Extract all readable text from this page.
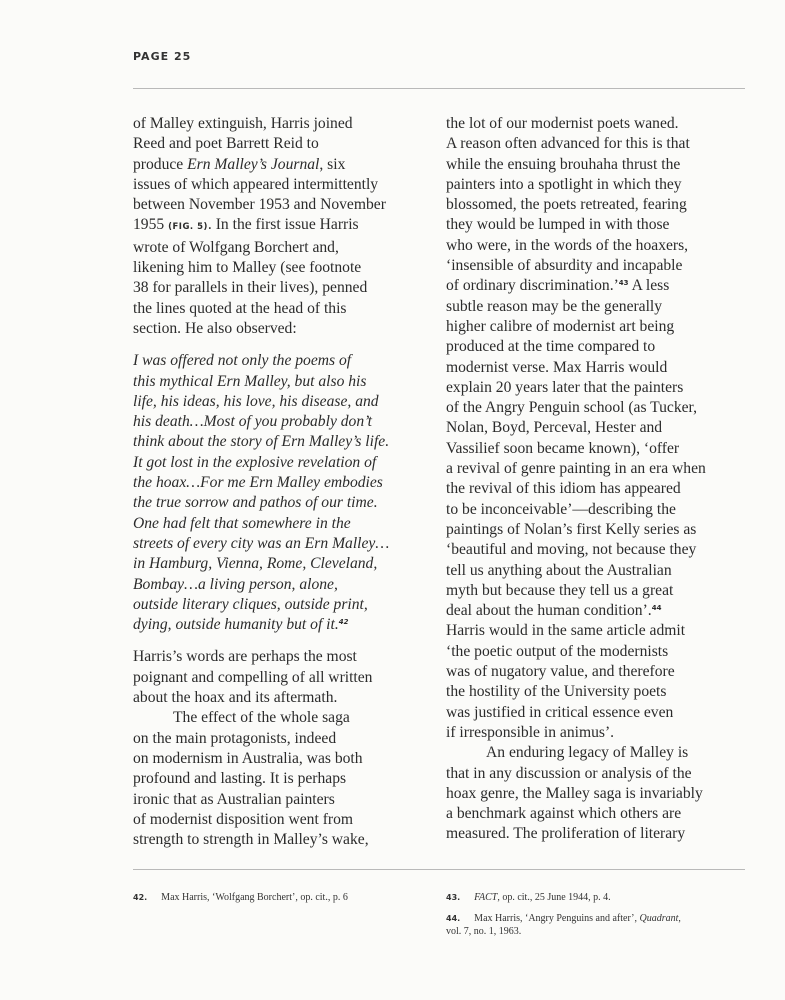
PAGE 25

of Malley extinguish, Harris joined

Reed and poet Barrett Reid to

produce Ern Malley’s Journal, six

issues of which appeared intermittently

between November 1953 and November

1955 (FIG. 5). In the first issue Harris

wrote of Wolfgang Borchert and,

likening him to Malley (see footnote

38 for parallels in their lives), penned

the lines quoted at the head of this

section. He also observed:

I was offered not only the poems of

this mythical Ern Malley, but also his

life, his ideas, his love, his disease, and

his death…Most of you probably don’t

think about the story of Ern Malley’s life.

It got lost in the explosive revelation of

the hoax…For me Ern Malley embodies

the true sorrow and pathos of our time.

One had felt that somewhere in the

streets of every city was an Ern Malley…

in Hamburg, Vienna, Rome, Cleveland,

Bombay…a living person, alone,

outside literary cliques, outside print,

dying, outside humanity but of it.$^{42}$

Harris’s words are perhaps the most

poignant and compelling of all written

about the hoax and its aftermath.

The effect of the whole saga

on the main protagonists, indeed

on modernism in Australia, was both

profound and lasting. It is perhaps

ironic that as Australian painters

of modernist disposition went from

strength to strength in Malley’s wake,

the lot of our modernist poets waned.

A reason often advanced for this is that

while the ensuing brouhaha thrust the

painters into a spotlight in which they

blossomed, the poets retreated, fearing

they would be lumped in with those

who were, in the words of the hoaxers,

‘insensible of absurdity and incapable

of ordinary discrimination.’$^{43}$ A less

subtle reason may be the generally

higher calibre of modernist art being

produced at the time compared to

modernist verse. Max Harris would

explain 20 years later that the painters

of the Angry Penguin school (as Tucker,

Nolan, Boyd, Perceval, Hester and

Vassilief soon became known), ‘offer

a revival of genre painting in an era when

the revival of this idiom has appeared

to be inconceivable’—describing the

paintings of Nolan’s first Kelly series as

‘beautiful and moving, not because they

tell us anything about the Australian

myth but because they tell us a great

deal about the human condition’.$^{44}$

Harris would in the same article admit

‘the poetic output of the modernists

was of nugatory value, and therefore

the hostility of the University poets

was justified in critical essence even

if irresponsible in animus’.

An enduring legacy of Malley is

that in any discussion or analysis of the

hoax genre, the Malley saga is invariably

a benchmark against which others are

measured. The proliferation of literary

42. Max Harris, ‘Wolfgang Borchert’, op. cit., p. 6	43. FACT, op. cit., 25 June 1944, p. 4.
44. Max Harris, ‘Angry Penguins and after’, Quadrant,
vol. 7, no. 1, 1963.
